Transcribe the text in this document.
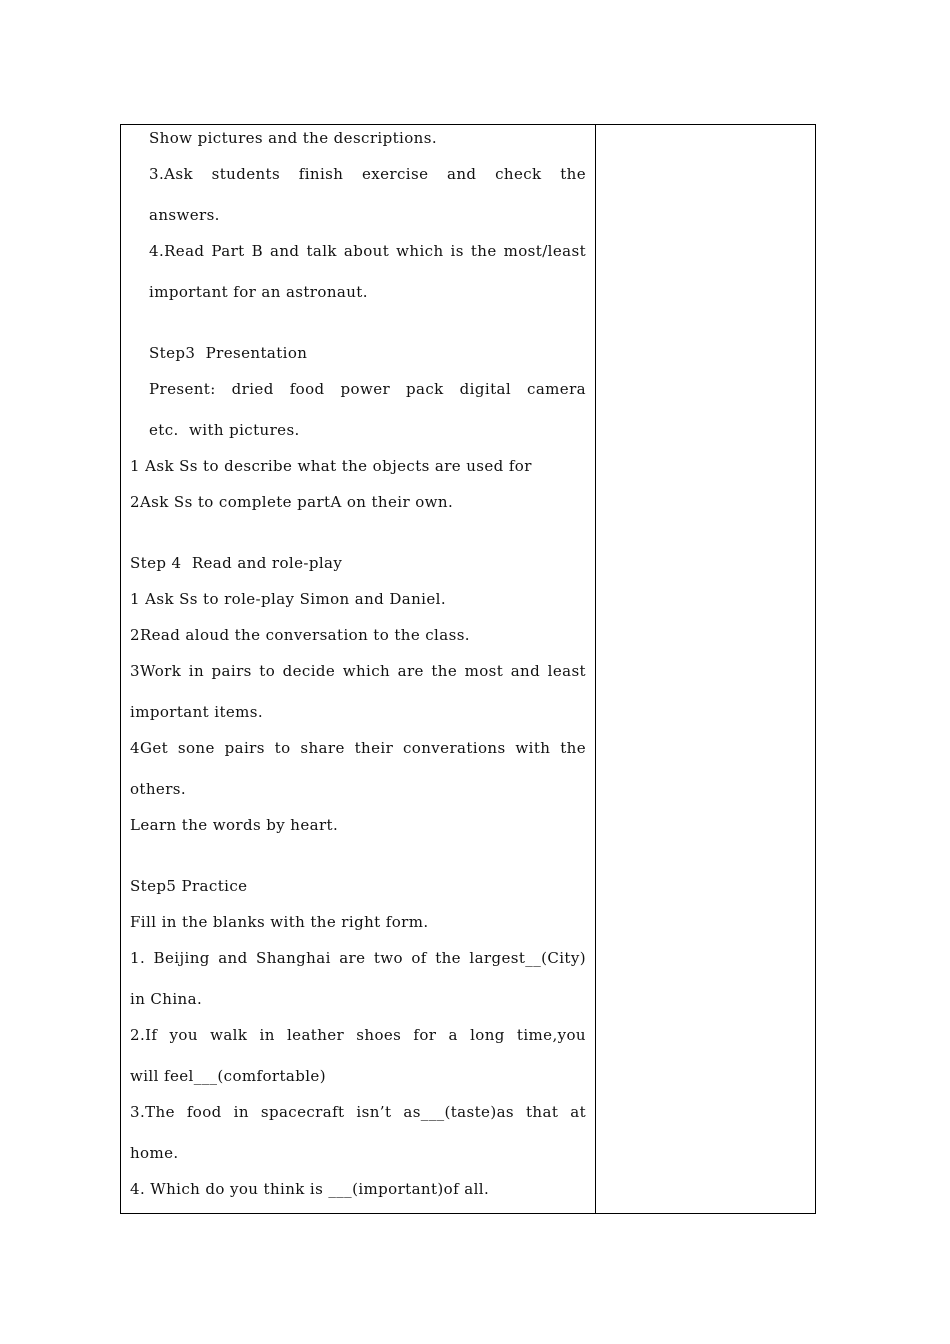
Show pictures and the descriptions.
3.Ask students finish exercise and check the
answers.
4.Read Part B and talk about which is the most/least
important for an astronaut.
Step3  Presentation
Present: dried food power pack digital camera
etc.  with pictures.
1 Ask Ss to describe what the objects are used for
2Ask Ss to complete partA on their own.
Step 4  Read and role-play
1 Ask Ss to role-play Simon and Daniel.
2Read aloud the conversation to the class.
3Work in pairs to decide which are the most and least
important items.
4Get sone pairs to share their converations with the
others.
Learn the words by heart.
Step5 Practice
Fill in the blanks with the right form.
1. Beijing and Shanghai are two of the largest__(City)
in China.
2.If you walk in leather shoes for a long time,you
will feel___(comfortable)
3.The food in spacecraft isn’t as___(taste)as that at
home.
4. Which do you think is ___(important)of all.
